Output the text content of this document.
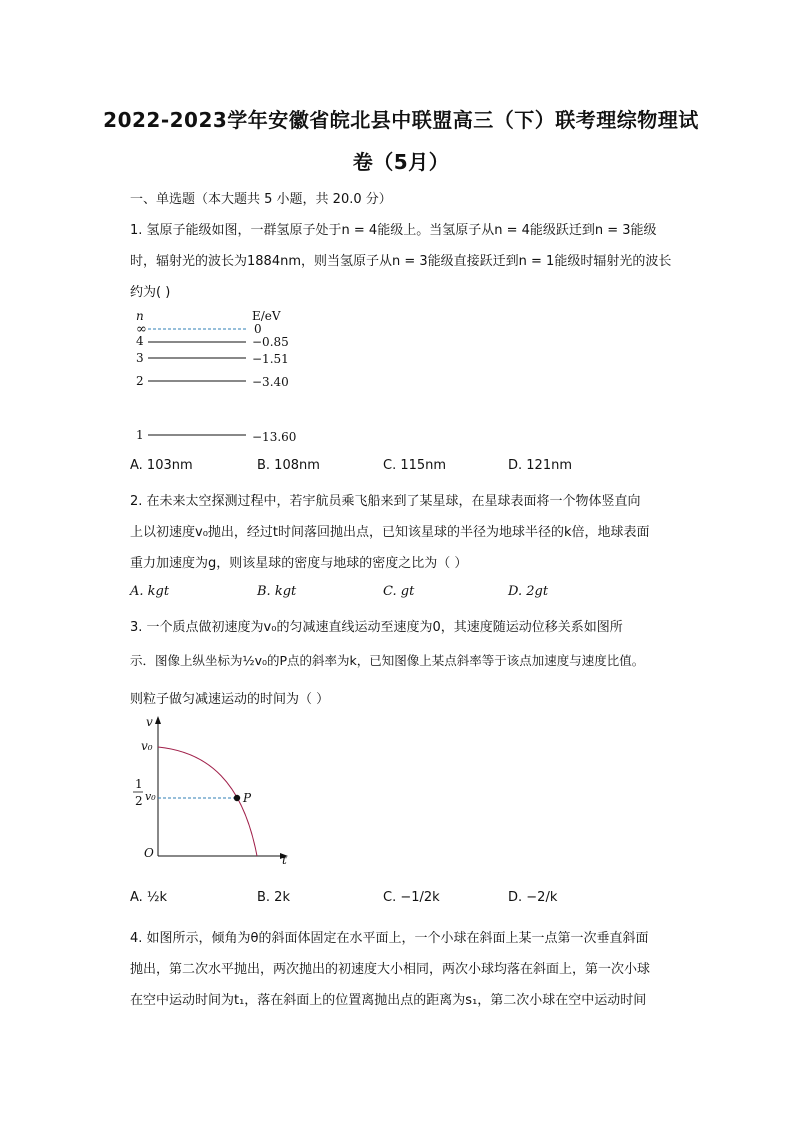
2022-2023学年安徽省皖北县中联盟高三（下）联考理综物理试
卷（5月）
一、单选题（本大题共 5 小题，共 20.0 分）
1. 氢原子能级如图，一群氢原子处于n = 4能级上。当氢原子从n = 4能级跃迁到n = 3能级
时，辐射光的波长为1884nm，则当氢原子从n = 3能级直接跃迁到n = 1能级时辐射光的波长
约为( )
n	E/eV
∞	0
4	−0.85
3	−1.51
2	−3.40
1	−13.60
A. 103nm	B. 108nm	C. 115nm	D. 121nm
2. 在未来太空探测过程中，若宇航员乘飞船来到了某星球，在星球表面将一个物体竖直向
上以初速度v₀抛出，经过t时间落回抛出点，已知该星球的半径为地球半径的k倍，地球表面
重力加速度为g，则该星球的密度与地球的密度之比为（ ）
A. kgt	B. kgt	C. gt	D. 2gt
3. 一个质点做初速度为v₀的匀减速直线运动至速度为0，其速度随运动位移关系如图所
示．图像上纵坐标为½v₀的P点的斜率为k，已知图像上某点斜率等于该点加速度与速度比值。
则粒子做匀减速运动的时间为（ ）
v
t
O
v₀
1
2 v₀	P
A. ½k	B. 2k	C. −1/2k	D. −2/k
4. 如图所示，倾角为θ的斜面体固定在水平面上，一个小球在斜面上某一点第一次垂直斜面
抛出，第二次水平抛出，两次抛出的初速度大小相同，两次小球均落在斜面上，第一次小球
在空中运动时间为t₁，落在斜面上的位置离抛出点的距离为s₁，第二次小球在空中运动时间
